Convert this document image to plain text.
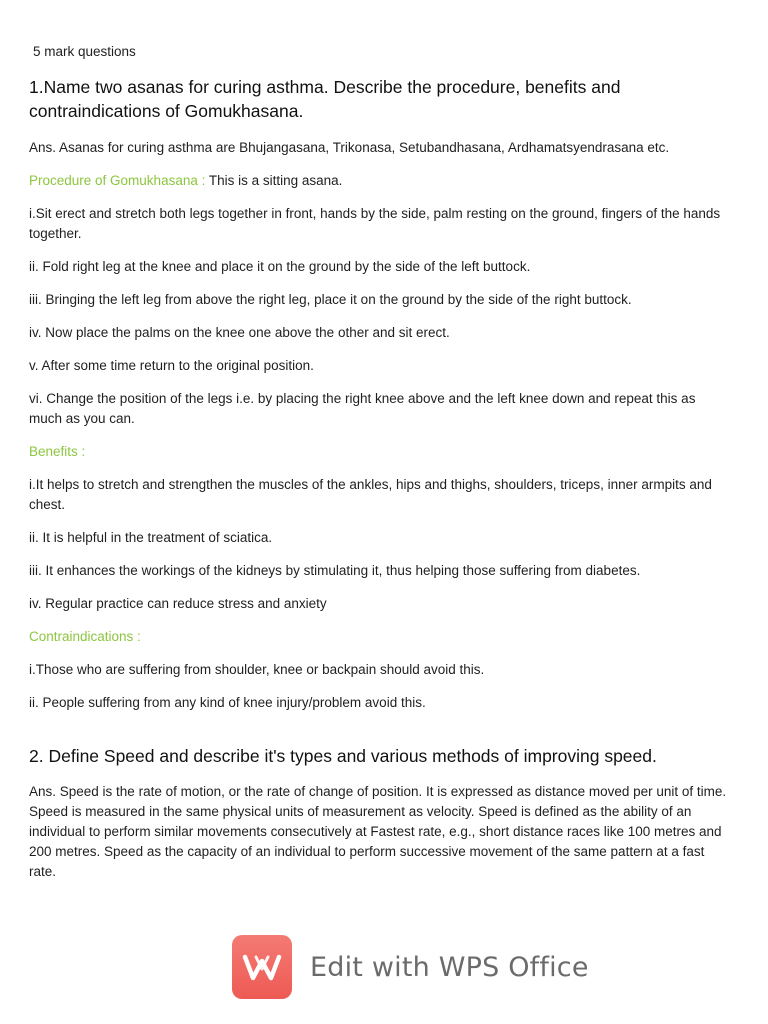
5 mark questions
1.Name two asanas for curing asthma. Describe the procedure, benefits and contraindications of Gomukhasana.

Ans. Asanas for curing asthma are Bhujangasana, Trikonasa, Setubandhasana, Ardhamatsyendrasana etc.

Procedure of Gomukhasana : This is a sitting asana.

i.Sit erect and stretch both legs together in front, hands by the side, palm resting on the ground, fingers of the hands together.

ii. Fold right leg at the knee and place it on the ground by the side of the left buttock.

iii. Bringing the left leg from above the right leg, place it on the ground by the side of the right buttock.

iv. Now place the palms on the knee one above the other and sit erect.

v. After some time return to the original position.

vi. Change the position of the legs i.e. by placing the right knee above and the left knee down and repeat this as much as you can.

Benefits :

i.It helps to stretch and strengthen the muscles of the ankles, hips and thighs, shoulders, triceps, inner armpits and chest.

ii. It is helpful in the treatment of sciatica.

iii. It enhances the workings of the kidneys by stimulating it, thus helping those suffering from diabetes.

iv. Regular practice can reduce stress and anxiety

Contraindications :

i.Those who are suffering from shoulder, knee or backpain should avoid this.

ii. People suffering from any kind of knee injury/problem avoid this.

2. Define Speed and describe it's types and various methods of improving speed.

Ans. Speed is the rate of motion, or the rate of change of position. It is expressed as distance moved per unit of time. Speed is measured in the same physical units of measurement as velocity. Speed is defined as the ability of an individual to perform similar movements consecutively at Fastest rate, e.g., short distance races like 100 metres and 200 metres. Speed as the capacity of an individual to perform successive movement of the same pattern at a fast rate.

Edit with WPS Office
